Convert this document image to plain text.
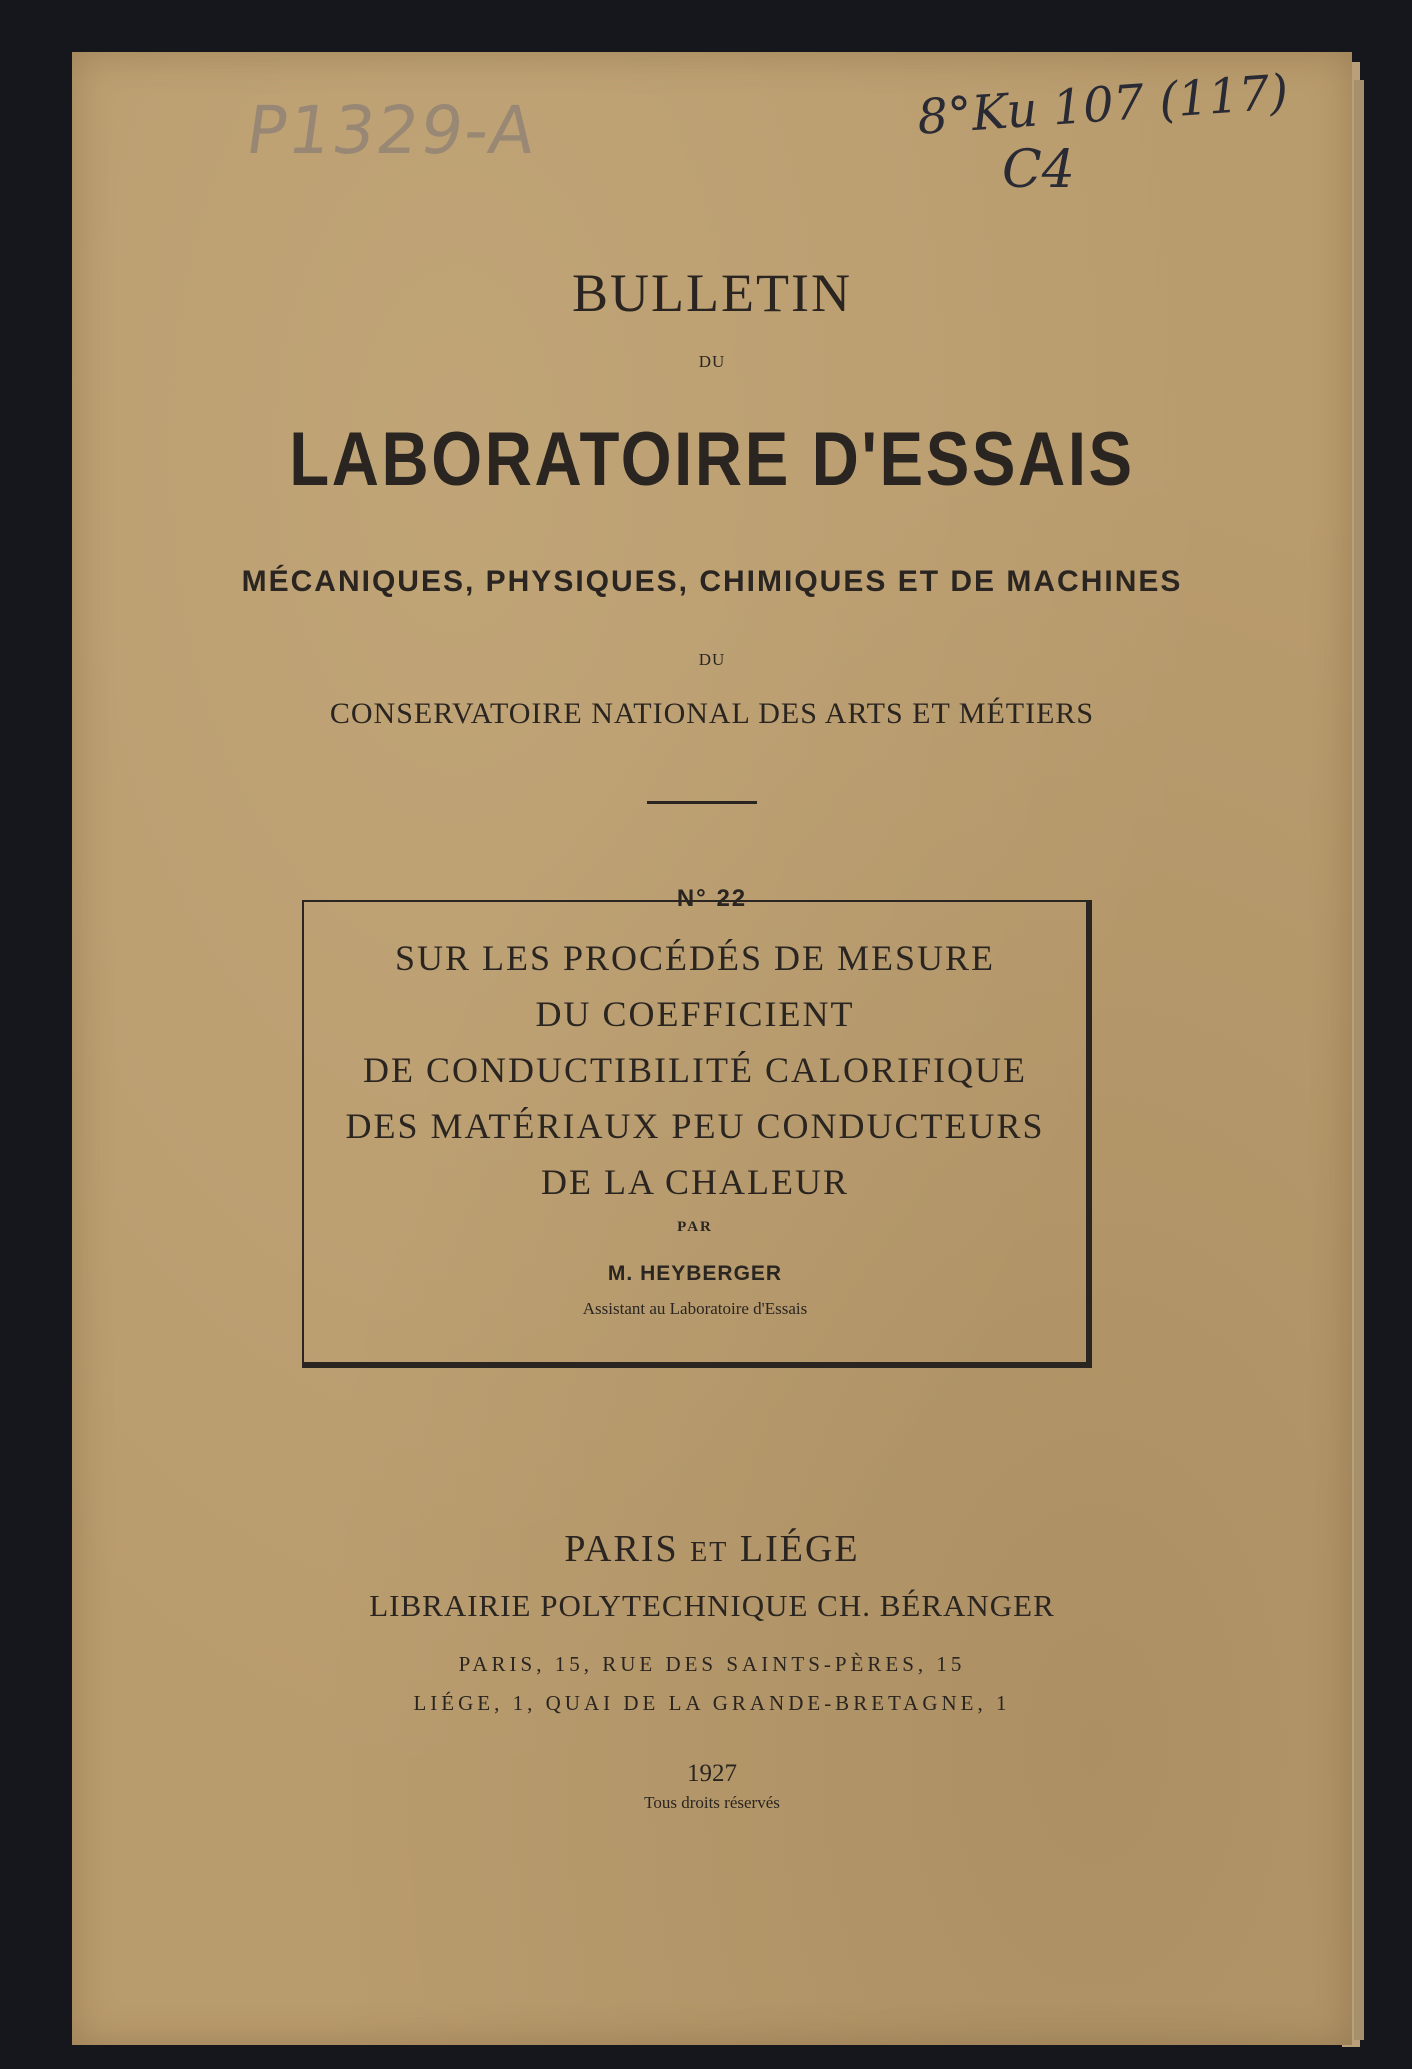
P1329-A	8°Ku 107 (117)
C4
BULLETIN
DU
LABORATOIRE D'ESSAIS
MÉCANIQUES, PHYSIQUES, CHIMIQUES ET DE MACHINES
DU
CONSERVATOIRE NATIONAL DES ARTS ET MÉTIERS
N° 22
SUR LES PROCÉDÉS DE MESURE
DU COEFFICIENT
DE CONDUCTIBILITÉ CALORIFIQUE
DES MATÉRIAUX PEU CONDUCTEURS
DE LA CHALEUR
PAR
M. HEYBERGER
Assistant au Laboratoire d'Essais
PARIS ET LIÉGE
LIBRAIRIE POLYTECHNIQUE CH. BÉRANGER
PARIS, 15, RUE DES SAINTS-PÈRES, 15
LIÉGE, 1, QUAI DE LA GRANDE-BRETAGNE, 1
1927
Tous droits réservés
